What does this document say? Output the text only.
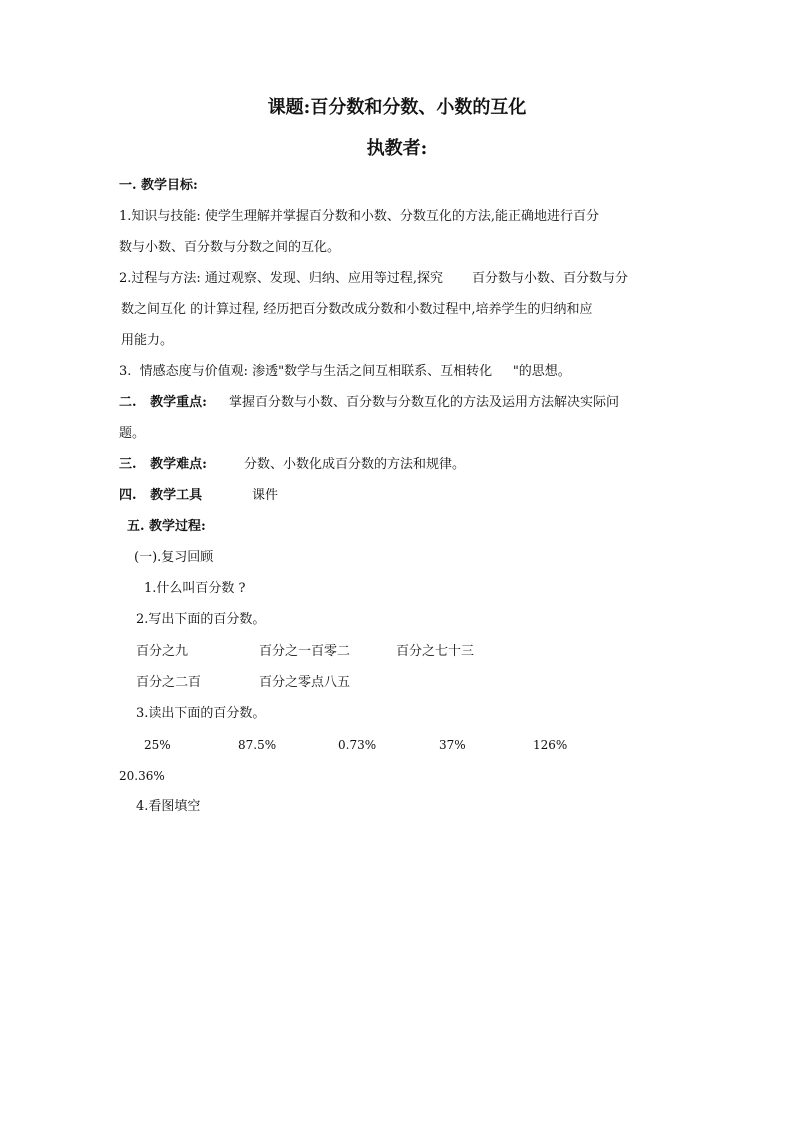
课题:百分数和分数、小数的互化
执教者:
一. 教学目标:
1.知识与技能: 使学生理解并掌握百分数和小数、分数互化的方法,能正确地进行百分
数与小数、百分数与分数之间的互化。
2.过程与方法: 通过观察、发现、归纳、应用等过程,探究       百分数与小数、百分数与分
数之间互化 的计算过程, 经历把百分数改成分数和小数过程中,培养学生的归纳和应
用能力。
3.  情感态度与价值观: 渗透"数学与生活之间互相联系、互相转化     "的思想。
二.   教学重点: 掌握百分数与小数、百分数与分数互化的方法及运用方法解决实际问
题。
三.   教学难点:	分数、小数化成百分数的方法和规律。
四.   教学工具	课件
五. 教学过程:
(一).复习回顾
1.什么叫百分数 ?
2.写出下面的百分数。
百分之九	百分之一百零二	百分之七十三
百分之二百	百分之零点八五
3.读出下面的百分数。
25%	87.5%	0.73%	37%	126%
20.36%
4.看图填空
